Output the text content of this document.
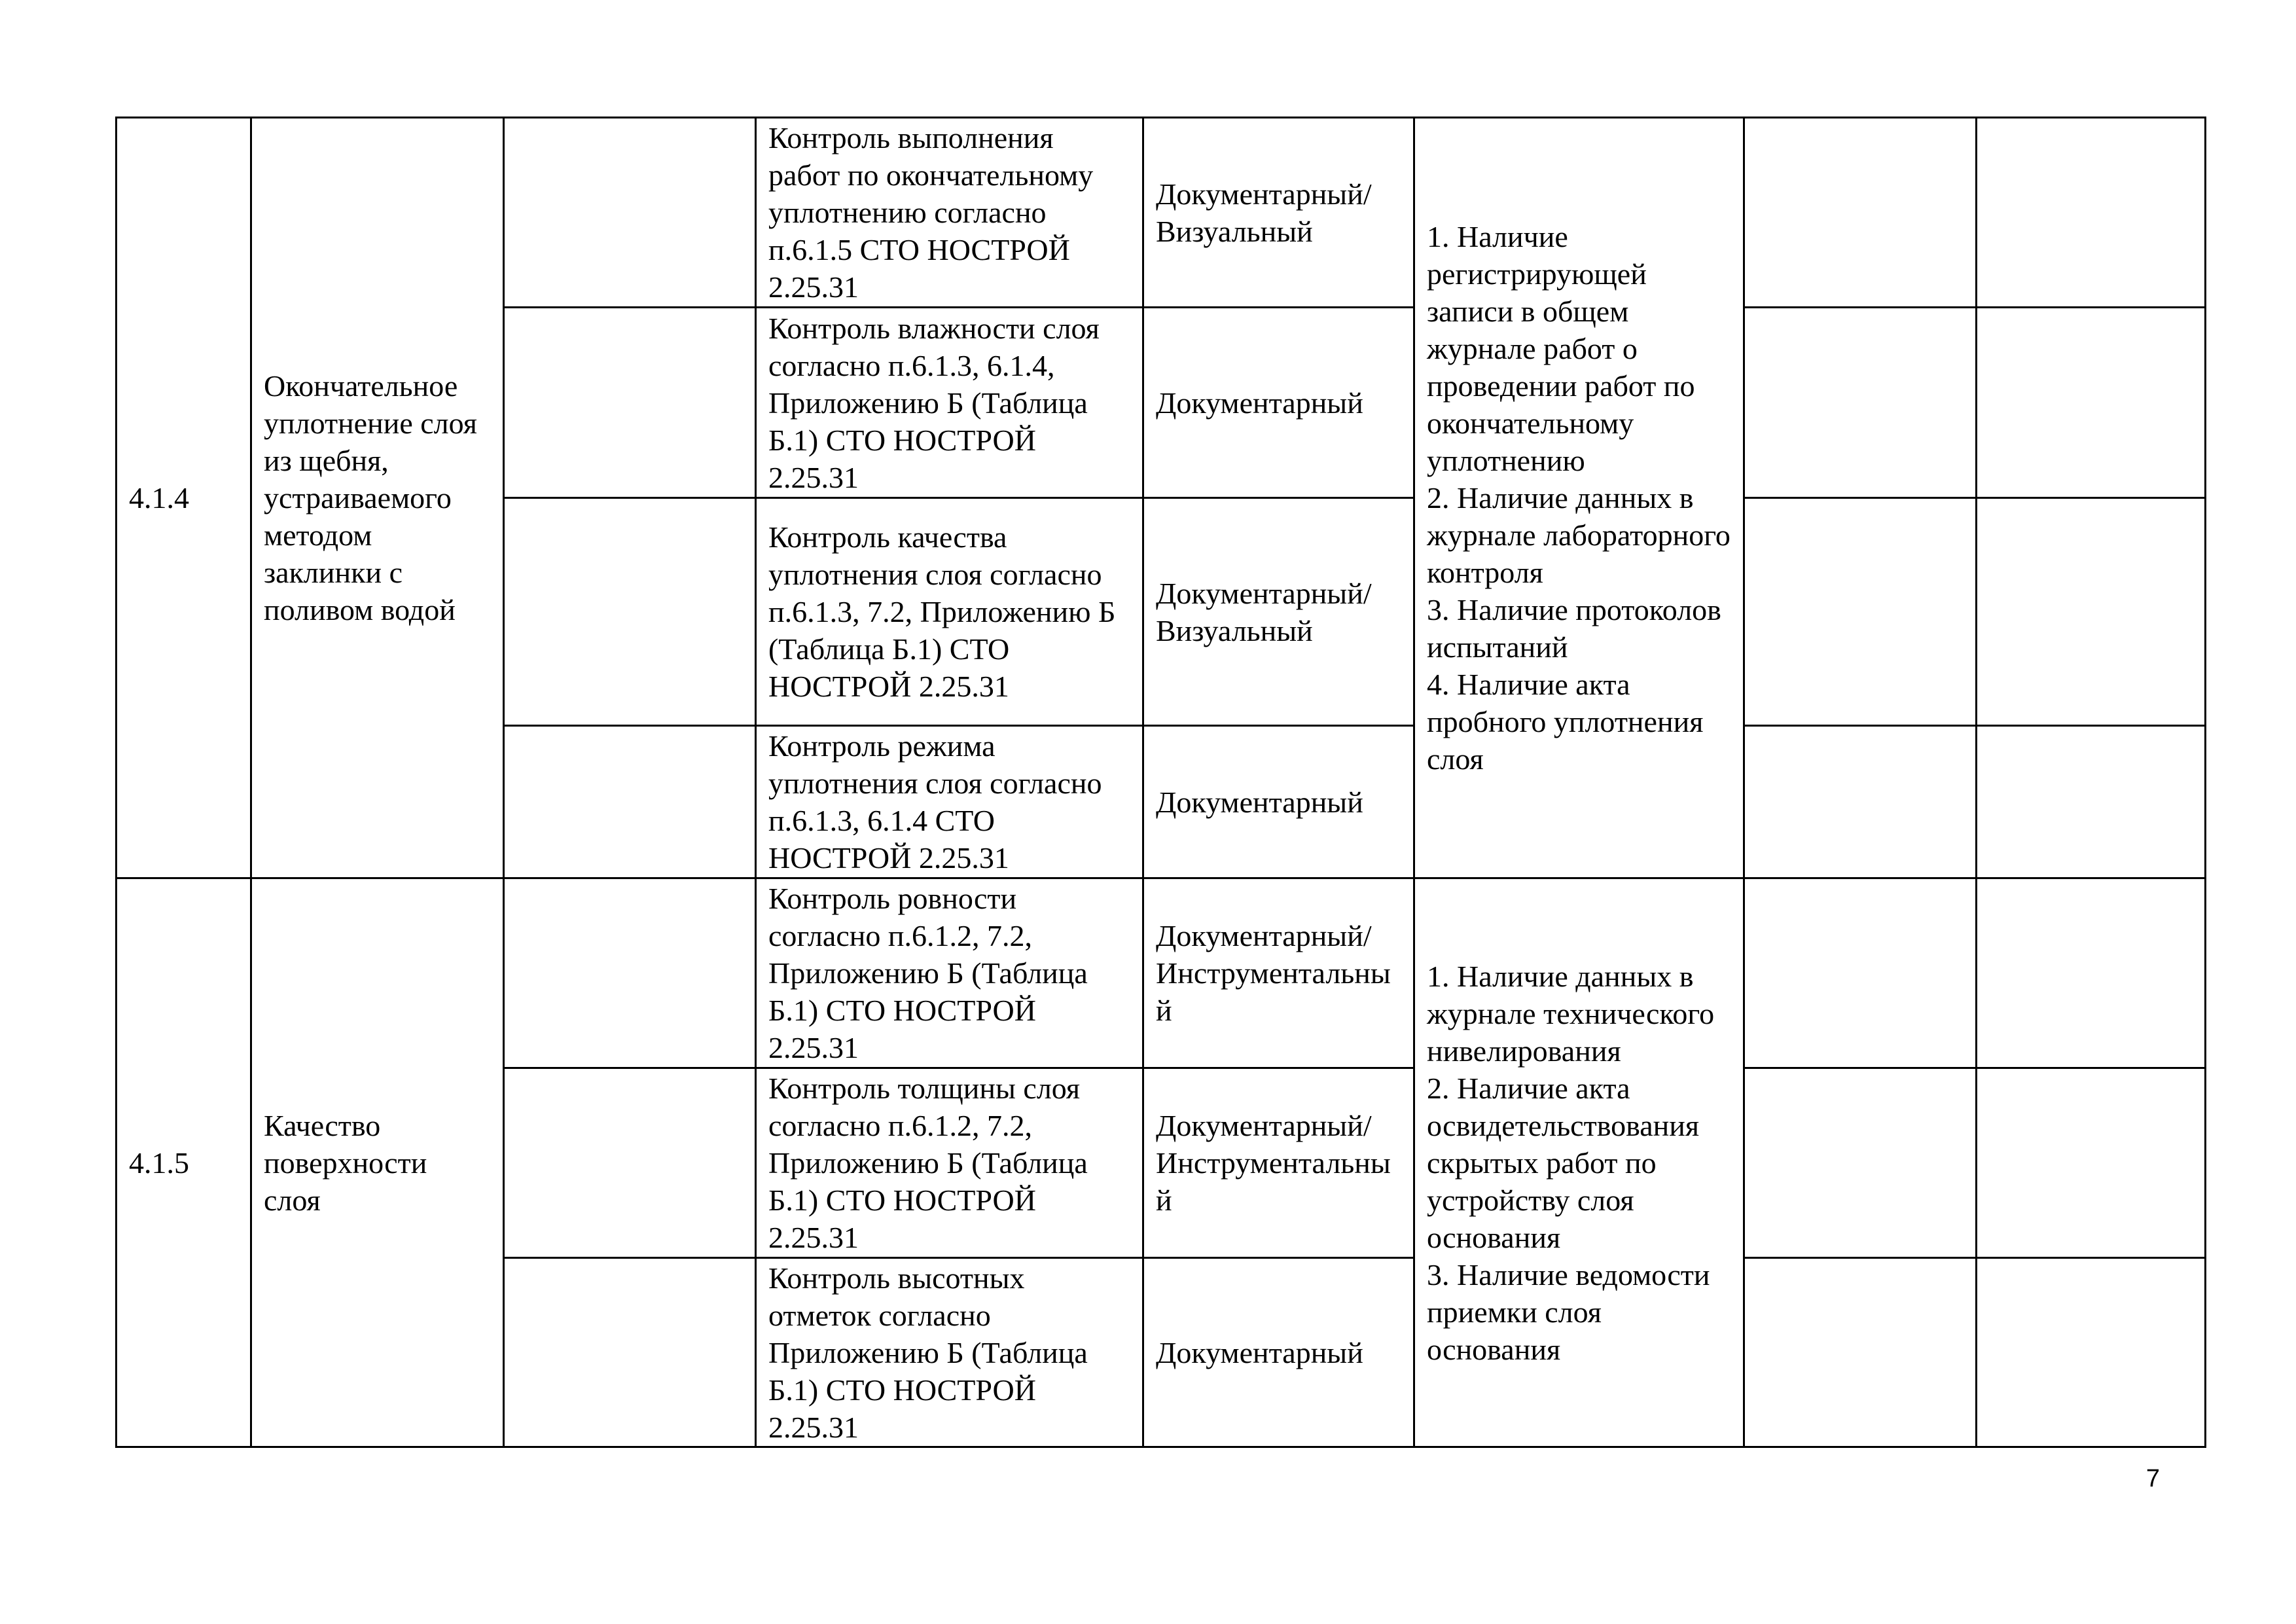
4.1.4	Окончательное уплотнение слоя из щебня, устраиваемого методом заклинки с поливом водой		Контроль выполнения работ по окончательному уплотнению согласно п.6.1.5 СТО НОСТРОЙ 2.25.31	Документарный/ Визуальный	1. Наличие регистрирующей записи в общем журнале работ о проведении работ по окончательному уплотнению
2. Наличие данных в журнале лабораторного контроля
3. Наличие протоколов испытаний
4. Наличие акта пробного уплотнения слоя		
			Контроль влажности слоя согласно п.6.1.3, 6.1.4, Приложению Б (Таблица Б.1) СТО НОСТРОЙ 2.25.31	Документарный			
			Контроль качества уплотнения слоя согласно п.6.1.3, 7.2, Приложению Б (Таблица Б.1) СТО НОСТРОЙ 2.25.31	Документарный/ Визуальный			
			Контроль режима уплотнения слоя согласно п.6.1.3, 6.1.4 СТО НОСТРОЙ 2.25.31	Документарный			
4.1.5	Качество поверхности слоя		Контроль ровности согласно п.6.1.2, 7.2, Приложению Б (Таблица Б.1) СТО НОСТРОЙ 2.25.31	Документарный/ Инструментальный	1. Наличие данных в журнале технического нивелирования
2. Наличие акта освидетельствования скрытых работ по устройству слоя основания
3. Наличие ведомости приемки слоя основания		
			Контроль толщины слоя согласно п.6.1.2, 7.2, Приложению Б (Таблица Б.1) СТО НОСТРОЙ 2.25.31	Документарный/ Инструментальный			
			Контроль высотных отметок согласно Приложению Б (Таблица Б.1) СТО НОСТРОЙ 2.25.31	Документарный			
7
